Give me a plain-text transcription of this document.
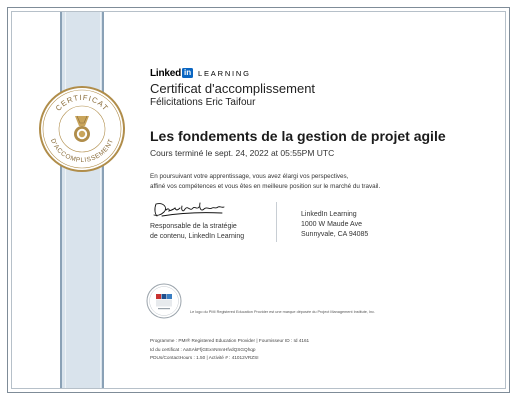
CERTIFICAT
D'ACCOMPLISSEMENT
Linked in LEARNING
Certificat d'accomplissement
Félicitations Eric Taifour
Les fondements de la gestion de projet agile
Cours terminé le sept. 24, 2022 at 05:55PM UTC
En poursuivant votre apprentissage, vous avez élargi vos perspectives,
affiné vos compétences et vous êtes en meilleure position sur le marché du travail.
Responsable de la stratégie
de contenu, LinkedIn Learning
LinkedIn Learning
1000 W Maude Ave
Sunnyvale, CA 94085
Le logo du PMI Registered Education Provider est une marque déposée du Project Management Institute, Inc.
Programme : PMI® Registered Education Provider | Fournisseur ID : Id 4161
Id du certificat : AaSAkFfjGExnNmnHfvdQSGQhqp
PDUs/ContactHours : 1.50 | Activité # : 41012VRZSI
